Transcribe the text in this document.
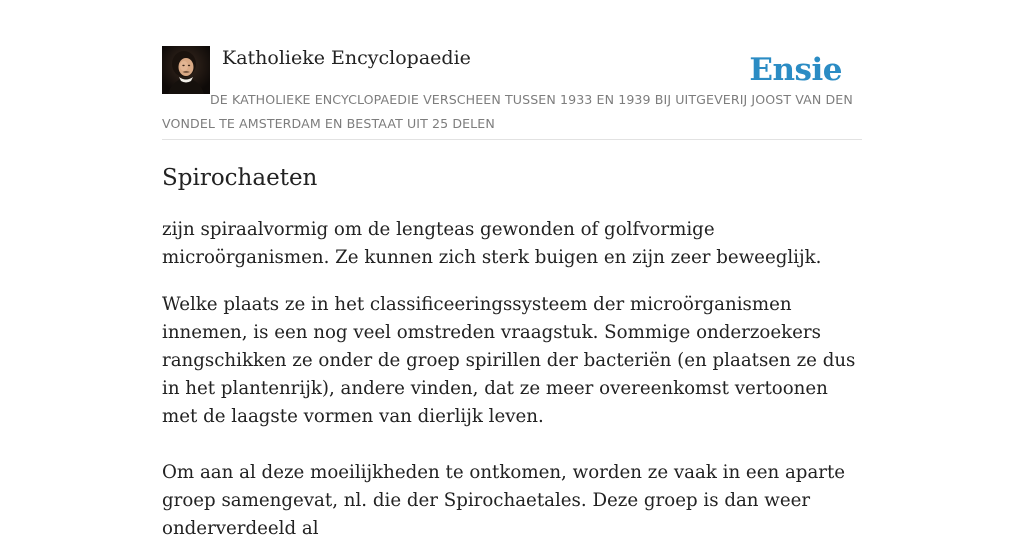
Katholieke Encyclopaedie	Ensie

DE KATHOLIEKE ENCYCLOPAEDIE VERSCHEEN TUSSEN 1933 EN 1939 BIJ UITGEVERIJ JOOST VAN DEN VONDEL TE AMSTERDAM EN BESTAAT UIT 25 DELEN

Spirochaeten

zijn spiraalvormig om de lengteas gewonden of golfvormige microörganismen. Ze kunnen zich sterk buigen en zijn zeer beweeglijk.

Welke plaats ze in het classificeeringssysteem der microörganismen innemen, is een nog veel omstreden vraagstuk. Sommige onderzoekers rangschikken ze onder de groep spirillen der bacteriën (en plaatsen ze dus in het plantenrijk), andere vinden, dat ze meer overeenkomst vertoonen met de laagste vormen van dierlijk leven.

Om aan al deze moeilijkheden te ontkomen, worden ze vaak in een aparte groep samengevat, nl. die der Spirochaetales. Deze groep is dan weer onderverdeeld al
